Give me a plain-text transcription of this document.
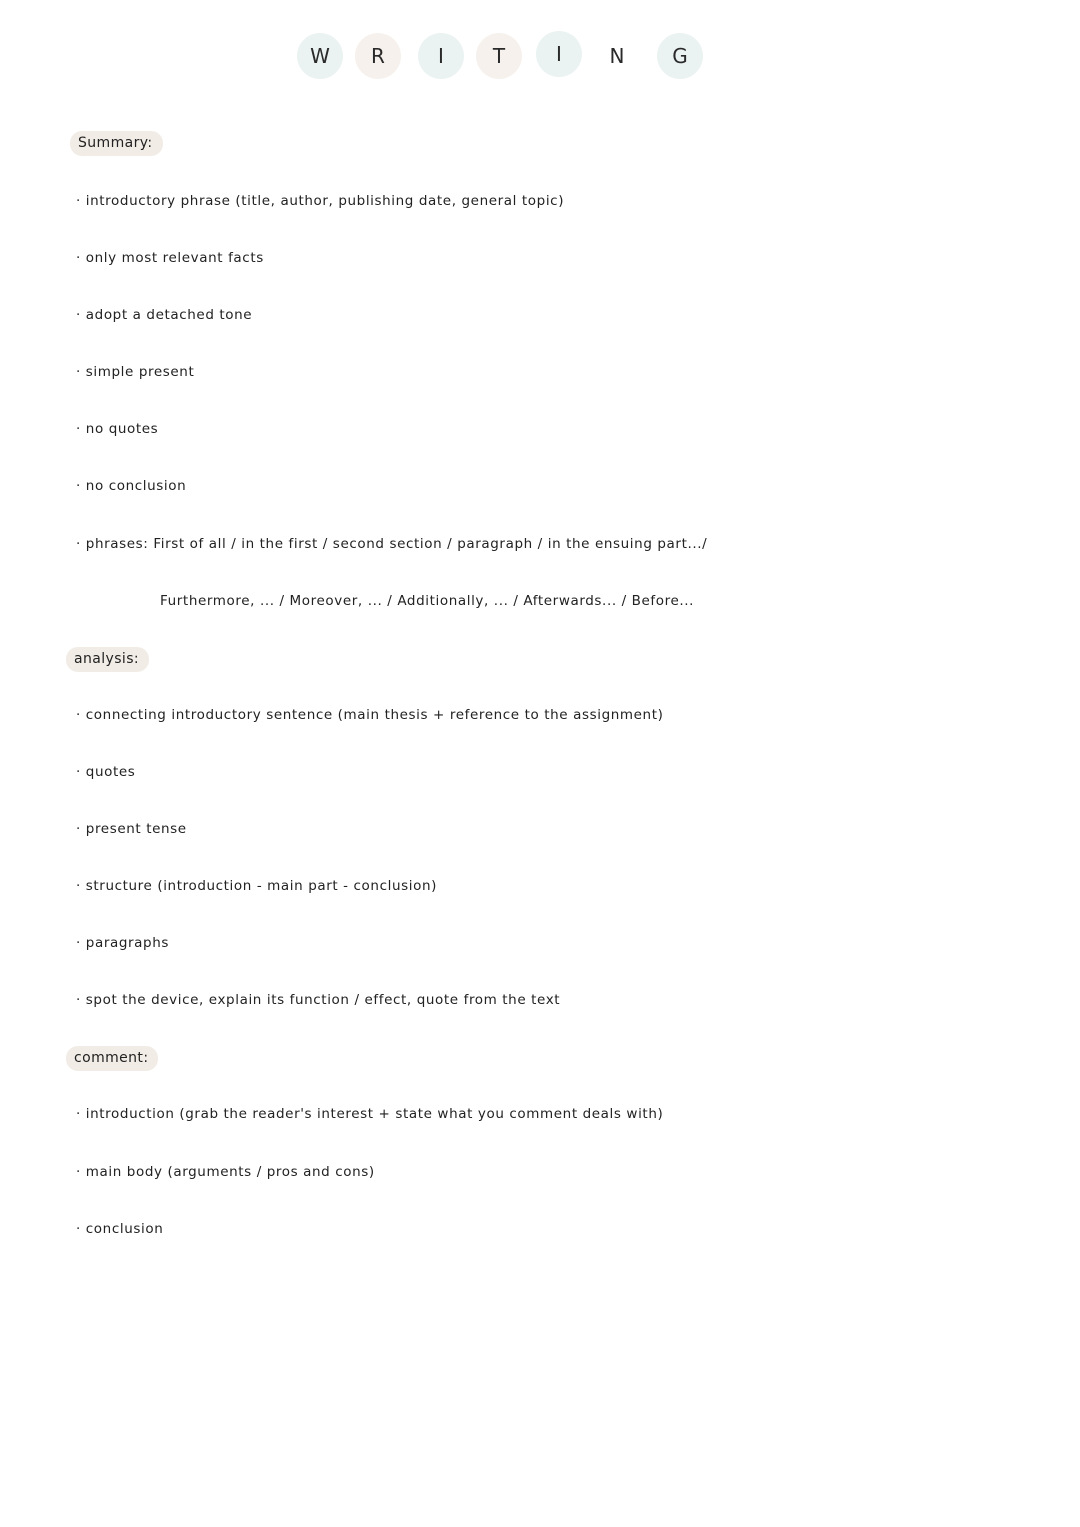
W	R	I	T	I	N	G
Summary:
· introductory phrase (title, author, publishing date, general topic)
· only most relevant facts
· adopt a detached tone
· simple present
· no quotes
· no conclusion
· phrases: First of all / in the first / second section / paragraph / in the ensuing part.../
Furthermore, ... / Moreover, ... / Additionally, ... / Afterwards... / Before...
analysis:
· connecting introductory sentence (main thesis + reference to the assignment)
· quotes
· present tense
· structure (introduction - main part - conclusion)
· paragraphs
· spot the device, explain its function / effect, quote from the text
comment:
· introduction (grab the reader's interest + state what you comment deals with)
· main body (arguments / pros and cons)
· conclusion
